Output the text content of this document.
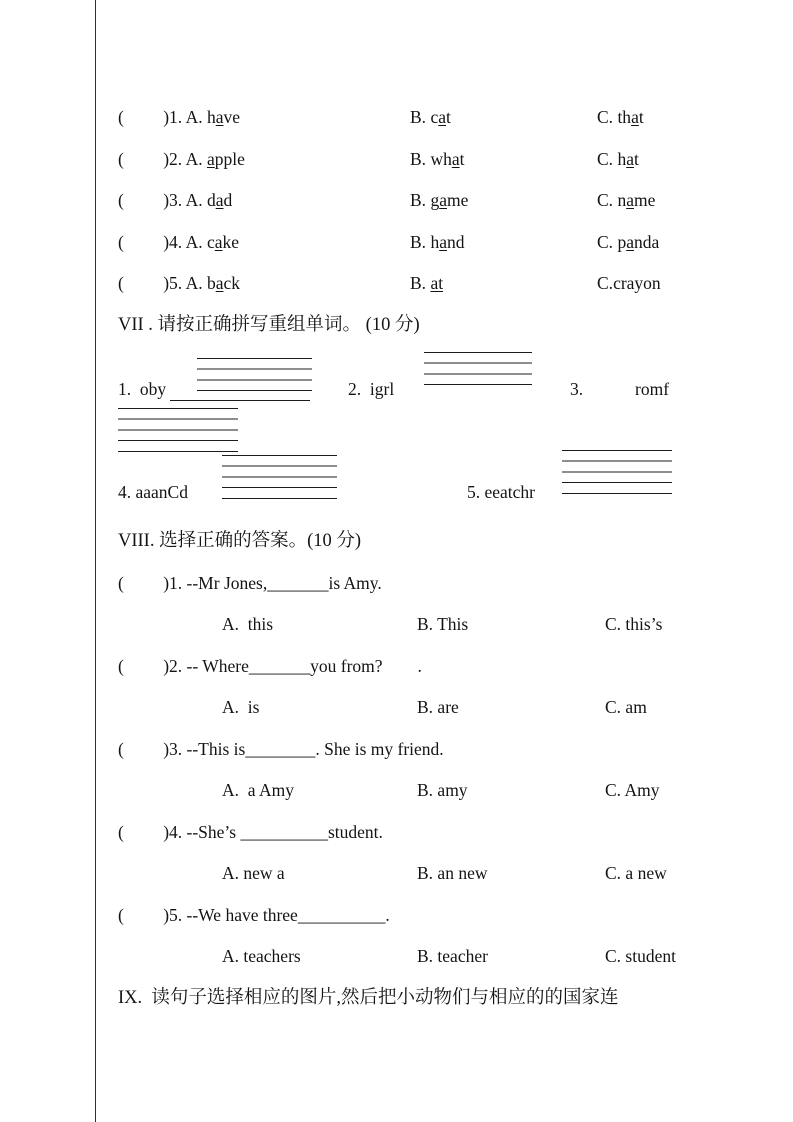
(         )1. A. have	B. cat	C. that
(         )2. A. apple	B. what	C. hat
(         )3. A. dad	B. game	C. name
(         )4. A. cake	B. hand	C. panda
(         )5. A. back	B. at	C.crayon
VII . 请按正确拼写重组单词。 (10 分)
1.  oby	2.  igrl	3.	romf
4. aaanCd	5. eeatchr
VIII. 选择正确的答案。(10 分)
(         )1. --Mr Jones,_______is Amy.
A.  this	B. This	C. this’s
(         )2. -- Where_______you from?        .
A.  is	B. are	C. am
(         )3. --This is________. She is my friend.
A.  a Amy	B. amy	C. Amy
(         )4. --She’s __________student.
A. new a	B. an new	C. a new
(         )5. --We have three__________.
A. teachers	B. teacher	C. student
IX.  读句子选择相应的图片,然后把小动物们与相应的的国家连
